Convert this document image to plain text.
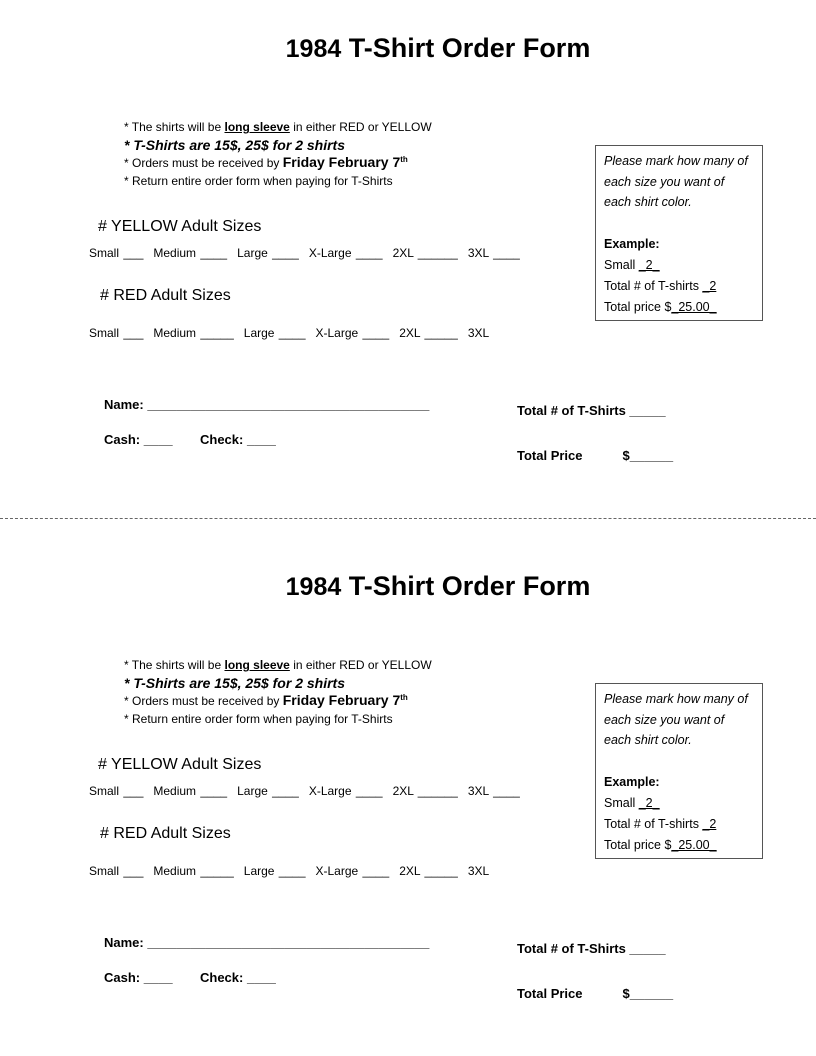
1984 T-Shirt Order Form
* The shirts will be long sleeve in either RED or YELLOW
* T-Shirts are 15$, 25$ for 2 shirts
* Orders must be received by Friday February 7th
* Return entire order form when paying for T-Shirts
# YELLOW Adult Sizes
Small ___ Medium ____ Large ____ X-Large ____ 2XL ______ 3XL ____
# RED Adult Sizes
Small ___ Medium _____ Large ____ X-Large ____ 2XL _____ 3XL
Please mark how many of each size you want of each shirt color.
Example:
Small _2_
Total # of T-shirts _2
Total price $_25.00_
Name: _______________________________________
Cash: ____ Check: ____
Total # of T-Shirts _____
Total Price	$______
1984 T-Shirt Order Form
* The shirts will be long sleeve in either RED or YELLOW
* T-Shirts are 15$, 25$ for 2 shirts
* Orders must be received by Friday February 7th
* Return entire order form when paying for T-Shirts
# YELLOW Adult Sizes
Small ___ Medium ____ Large ____ X-Large ____ 2XL ______ 3XL ____
# RED Adult Sizes
Small ___ Medium _____ Large ____ X-Large ____ 2XL _____ 3XL
Please mark how many of each size you want of each shirt color.
Example:
Small _2_
Total # of T-shirts _2
Total price $_25.00_
Name: _______________________________________
Cash: ____ Check: ____
Total # of T-Shirts _____
Total Price	$______
